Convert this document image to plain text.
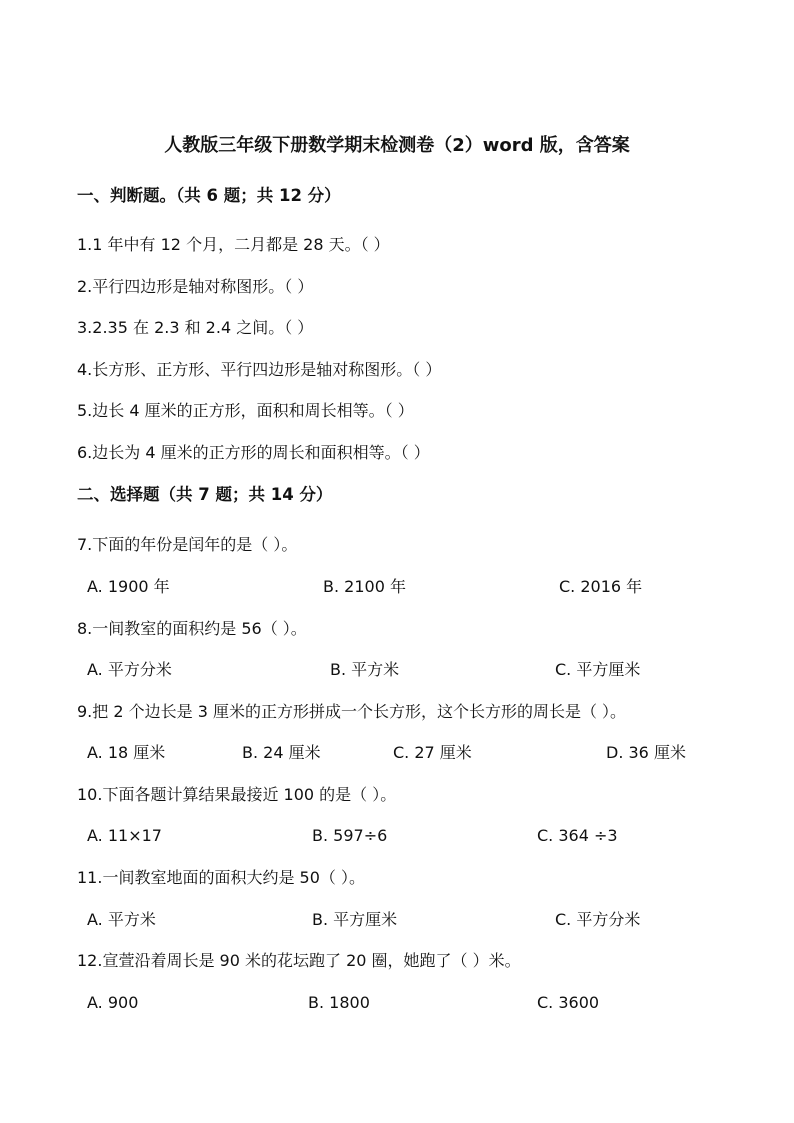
人教版三年级下册数学期末检测卷（2）word 版，含答案
一、判断题。（共 6 题；共 12 分）
1.1 年中有 12 个月，二月都是 28 天。（ ）
2.平行四边形是轴对称图形。（ ）
3.2.35 在 2.3 和 2.4 之间。（ ）
4.长方形、正方形、平行四边形是轴对称图形。（ ）
5.边长 4 厘米的正方形，面积和周长相等。（ ）
6.边长为 4 厘米的正方形的周长和面积相等。（ ）
二、选择题（共 7 题；共 14 分）
7.下面的年份是闰年的是（ ）。
A. 1900 年	B. 2100 年	C. 2016 年
8.一间教室的面积约是 56（ ）。
A. 平方分米	B. 平方米	C. 平方厘米
9.把 2 个边长是 3 厘米的正方形拼成一个长方形，这个长方形的周长是（ ）。
A. 18 厘米	B. 24 厘米	C. 27 厘米	D. 36 厘米
10.下面各题计算结果最接近 100 的是（ ）。
A. 11×17	B. 597÷6	C. 364 ÷3
11.一间教室地面的面积大约是 50（ ）。
A. 平方米	B. 平方厘米	C. 平方分米
12.宣萱沿着周长是 90 米的花坛跑了 20 圈，她跑了（ ）米。
A. 900	B. 1800	C. 3600
